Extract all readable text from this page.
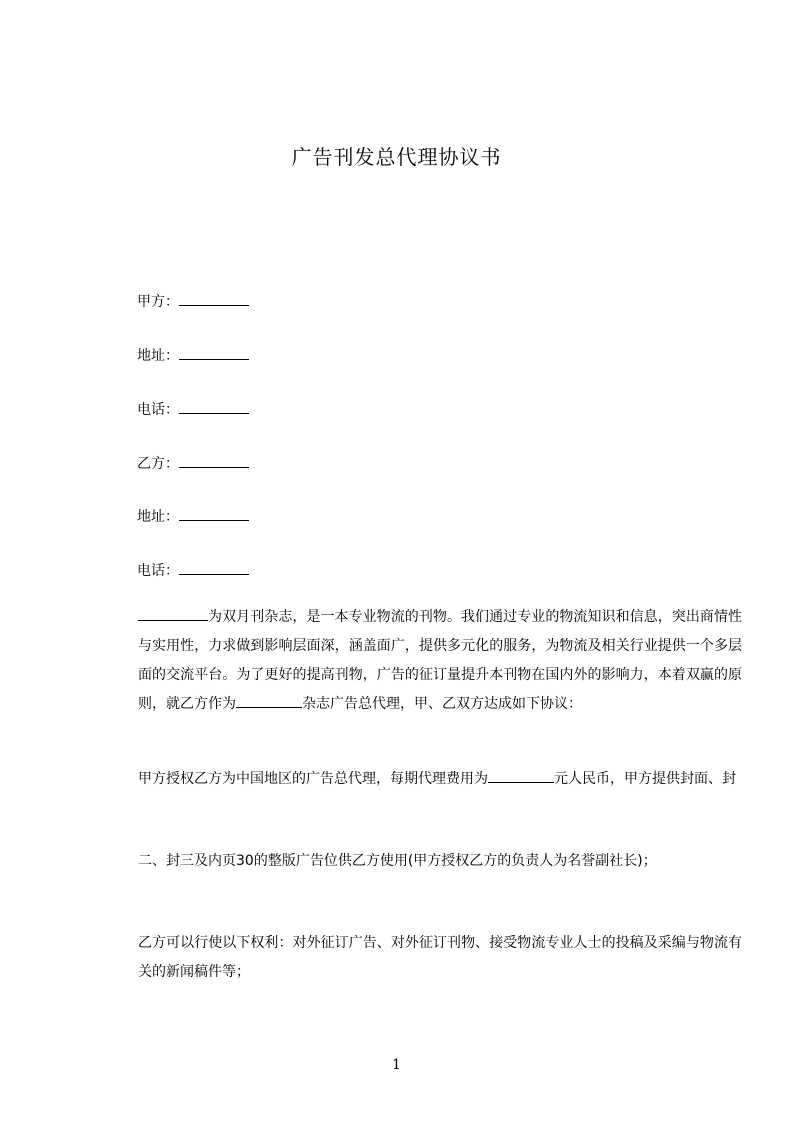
广告刊发总代理协议书
甲方：
地址：
电话：
乙方：
地址：
电话：
为双月刊杂志，是一本专业物流的刊物。我们通过专业的物流知识和信息，突出商情性与实用性，力求做到影响层面深，涵盖面广，提供多元化的服务，为物流及相关行业提供一个多层面的交流平台。为了更好的提高刊物，广告的征订量提升本刊物在国内外的影响力，本着双赢的原则，就乙方作为	杂志广告总代理，甲、乙双方达成如下协议：
甲方授权乙方为中国地区的广告总代理，每期代理费用为	元人民币，甲方提供封面、封
二、封三及内页30的整版广告位供乙方使用(甲方授权乙方的负责人为名誉副社长)；
乙方可以行使以下权利：对外征订广告、对外征订刊物、接受物流专业人士的投稿及采编与物流有关的新闻稿件等；
1
